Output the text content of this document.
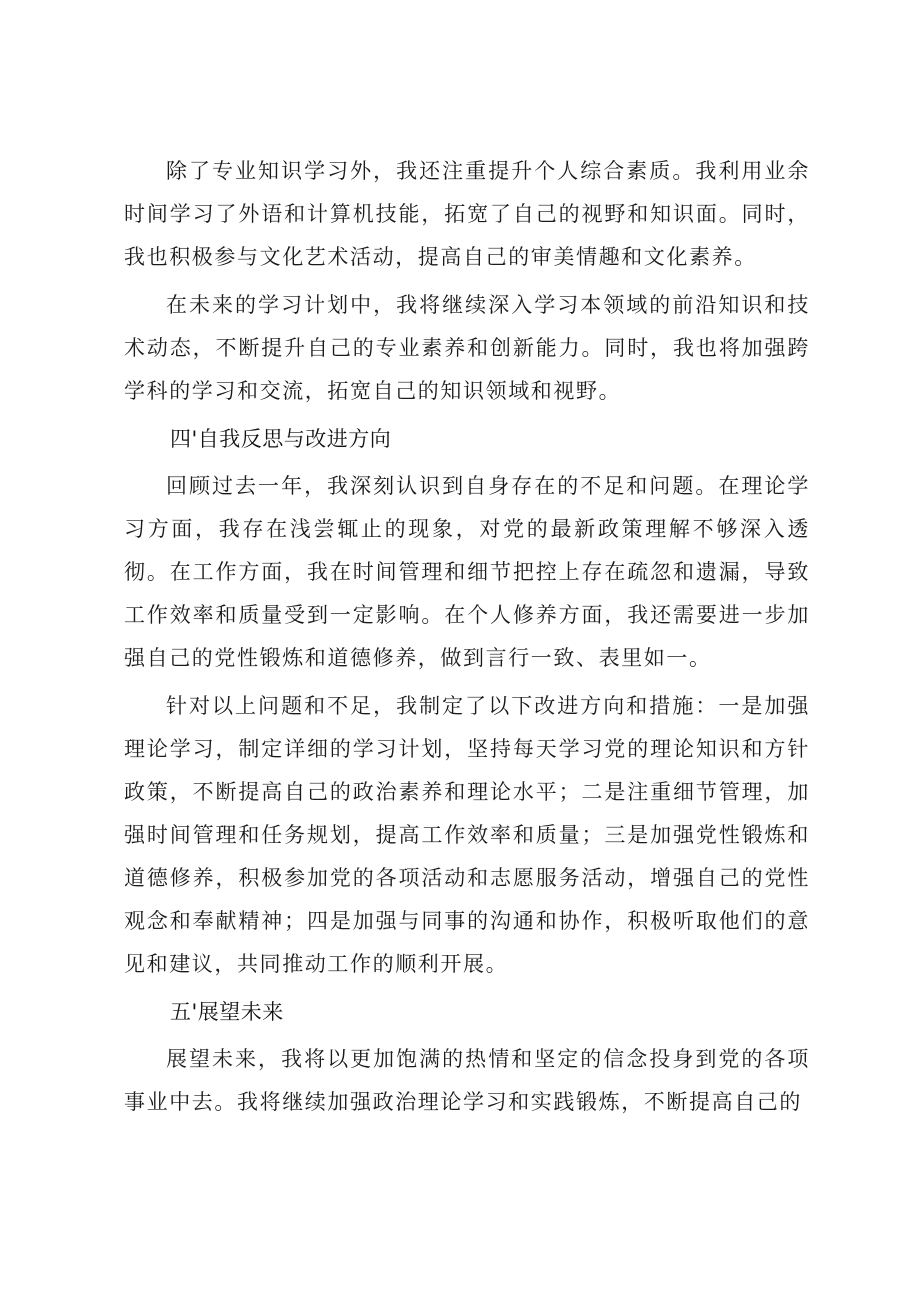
除了专业知识学习外，我还注重提升个人综合素质。我利用业余时间学习了外语和计算机技能，拓宽了自己的视野和知识面。同时，我也积极参与文化艺术活动，提高自己的审美情趣和文化素养。

在未来的学习计划中，我将继续深入学习本领域的前沿知识和技术动态，不断提升自己的专业素养和创新能力。同时，我也将加强跨学科的学习和交流，拓宽自己的知识领域和视野。

四'自我反思与改进方向

回顾过去一年，我深刻认识到自身存在的不足和问题。在理论学习方面，我存在浅尝辄止的现象，对党的最新政策理解不够深入透彻。在工作方面，我在时间管理和细节把控上存在疏忽和遗漏，导致工作效率和质量受到一定影响。在个人修养方面，我还需要进一步加强自己的党性锻炼和道德修养，做到言行一致、表里如一。

针对以上问题和不足，我制定了以下改进方向和措施：一是加强理论学习，制定详细的学习计划，坚持每天学习党的理论知识和方针政策，不断提高自己的政治素养和理论水平；二是注重细节管理，加强时间管理和任务规划，提高工作效率和质量；三是加强党性锻炼和道德修养，积极参加党的各项活动和志愿服务活动，增强自己的党性观念和奉献精神；四是加强与同事的沟通和协作，积极听取他们的意见和建议，共同推动工作的顺利开展。

五'展望未来

展望未来，我将以更加饱满的热情和坚定的信念投身到党的各项事业中去。我将继续加强政治理论学习和实践锻炼，不断提高自己的
